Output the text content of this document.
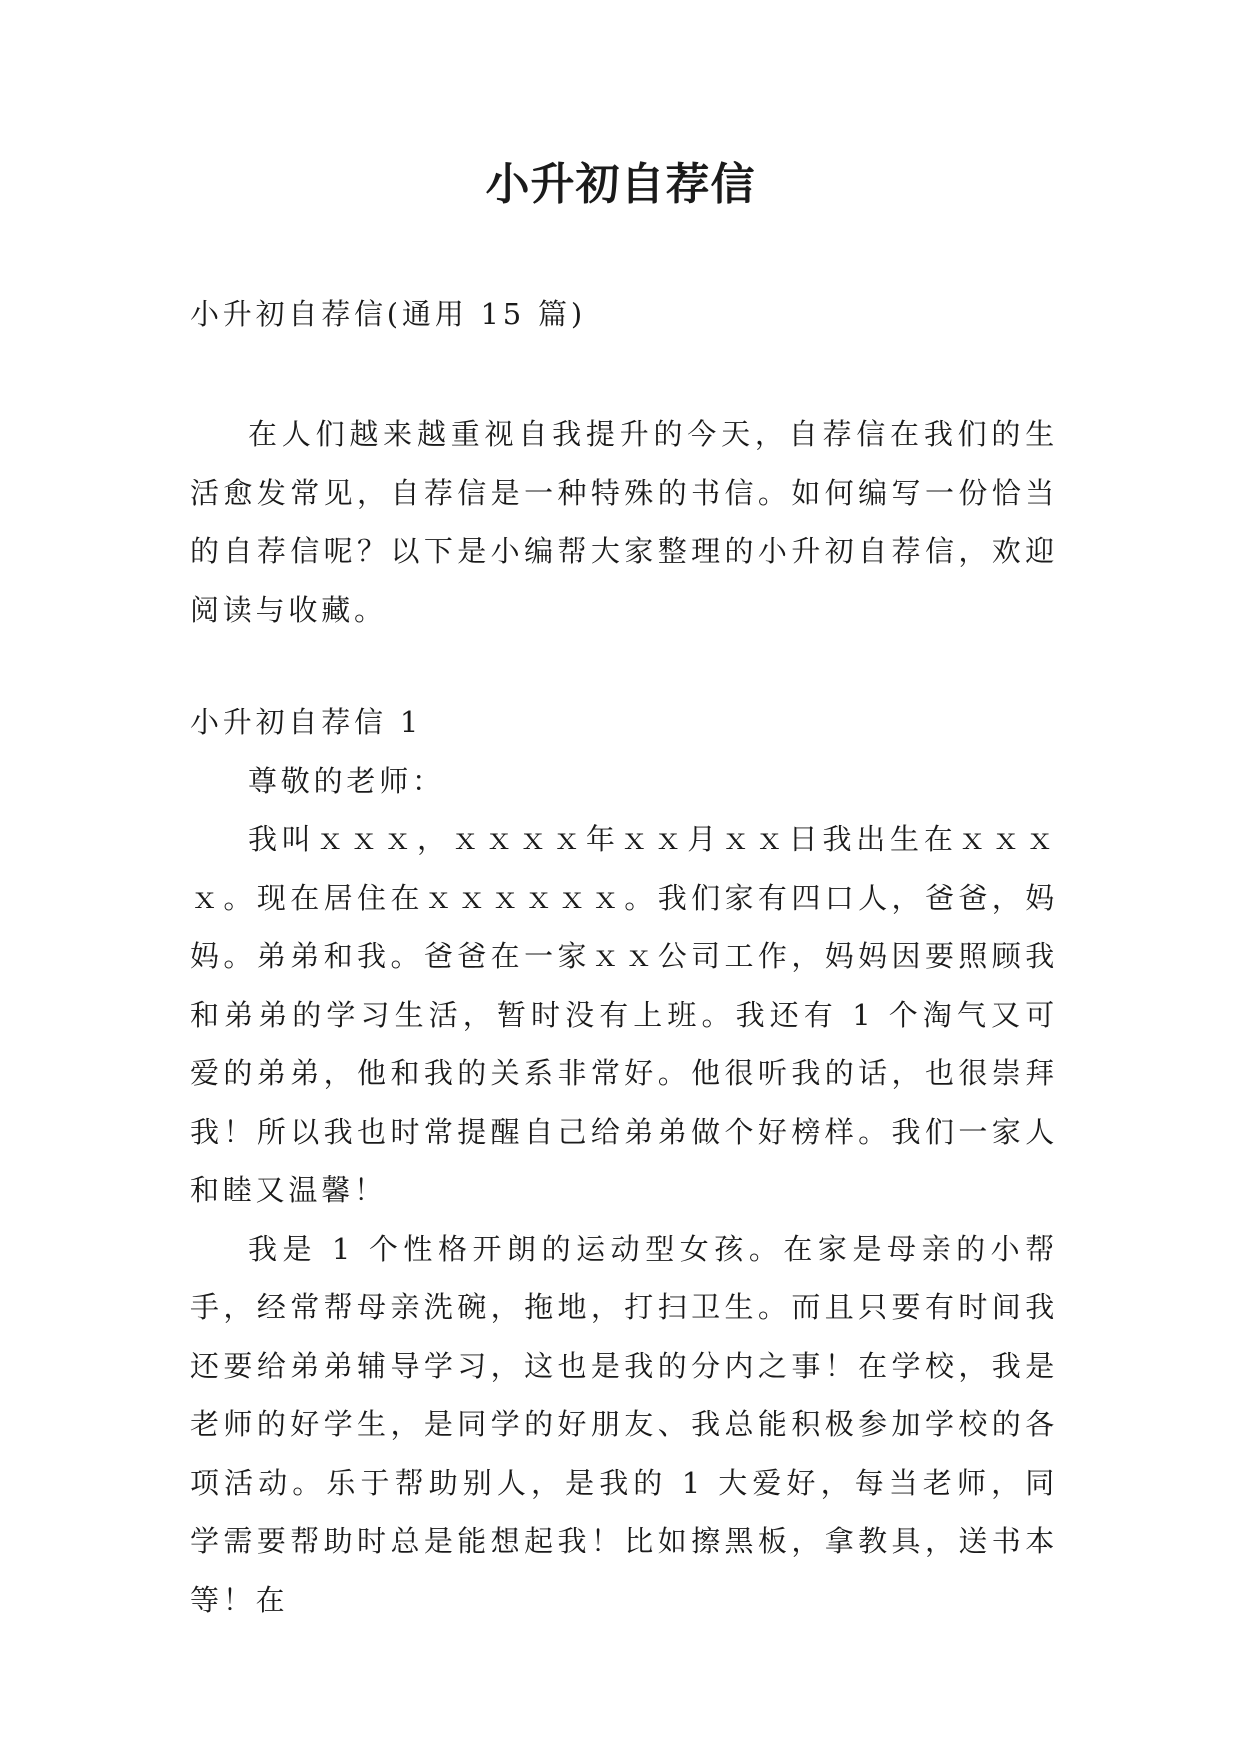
小升初自荐信

小升初自荐信(通用 15 篇)

在人们越来越重视自我提升的今天，自荐信在我们的生活愈发常见，自荐信是一种特殊的书信。如何编写一份恰当的自荐信呢？以下是小编帮大家整理的小升初自荐信，欢迎阅读与收藏。

小升初自荐信 1

尊敬的老师：

我叫ｘｘｘ，ｘｘｘｘ年ｘｘ月ｘｘ日我出生在ｘｘｘｘ。现在居住在ｘｘｘｘｘｘ。我们家有四口人，爸爸，妈妈。弟弟和我。爸爸在一家ｘｘ公司工作，妈妈因要照顾我和弟弟的学习生活，暂时没有上班。我还有 1 个淘气又可爱的弟弟，他和我的关系非常好。他很听我的话，也很崇拜我！所以我也时常提醒自己给弟弟做个好榜样。我们一家人和睦又温馨！

我是 1 个性格开朗的运动型女孩。在家是母亲的小帮手，经常帮母亲洗碗，拖地，打扫卫生。而且只要有时间我还要给弟弟辅导学习，这也是我的分内之事！在学校，我是老师的好学生，是同学的好朋友、我总能积极参加学校的各项活动。乐于帮助别人，是我的 1 大爱好，每当老师，同学需要帮助时总是能想起我！比如擦黑板，拿教具，送书本等！在
